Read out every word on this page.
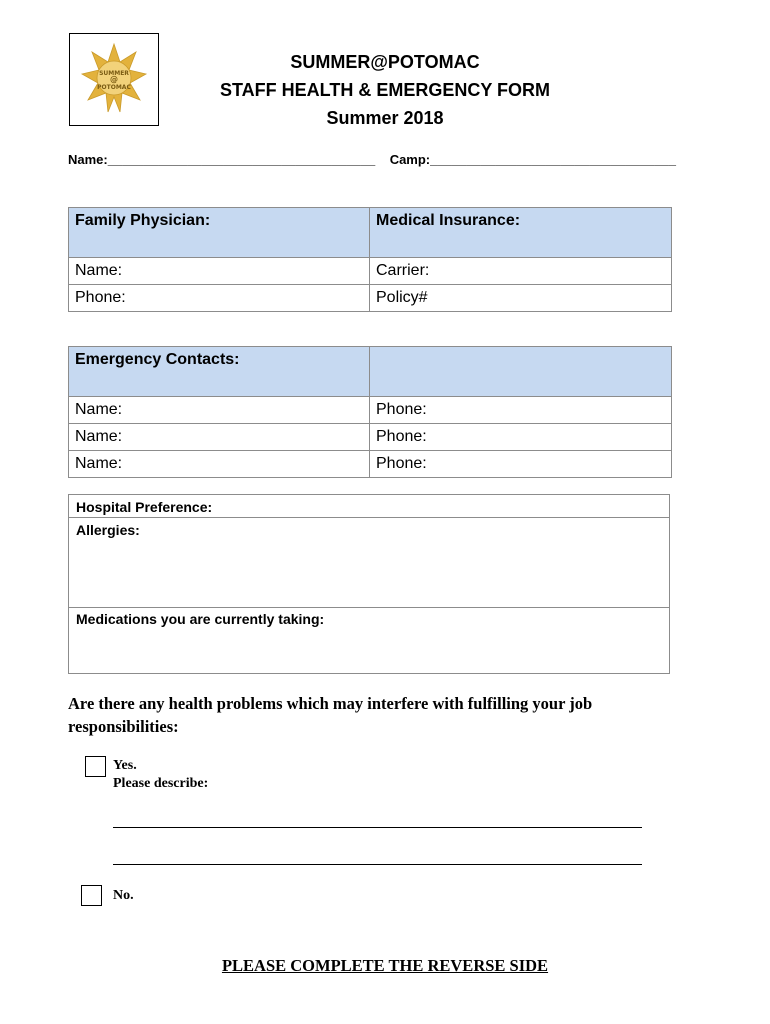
SUMMER
@
POTOMAC
SUMMER@POTOMAC
STAFF HEALTH & EMERGENCY FORM
Summer 2018
Name:_____________________________________    Camp:__________________________________
Family Physician:	Medical Insurance:
Name:	Carrier:
Phone:	Policy#
Emergency Contacts:	
Name:	Phone:
Name:	Phone:
Name:	Phone:
Hospital Preference:
Allergies:
Medications you are currently taking:
Are there any health problems which may interfere with fulfilling your job responsibilities:
Yes.
Please describe:
No.
PLEASE COMPLETE THE REVERSE SIDE
